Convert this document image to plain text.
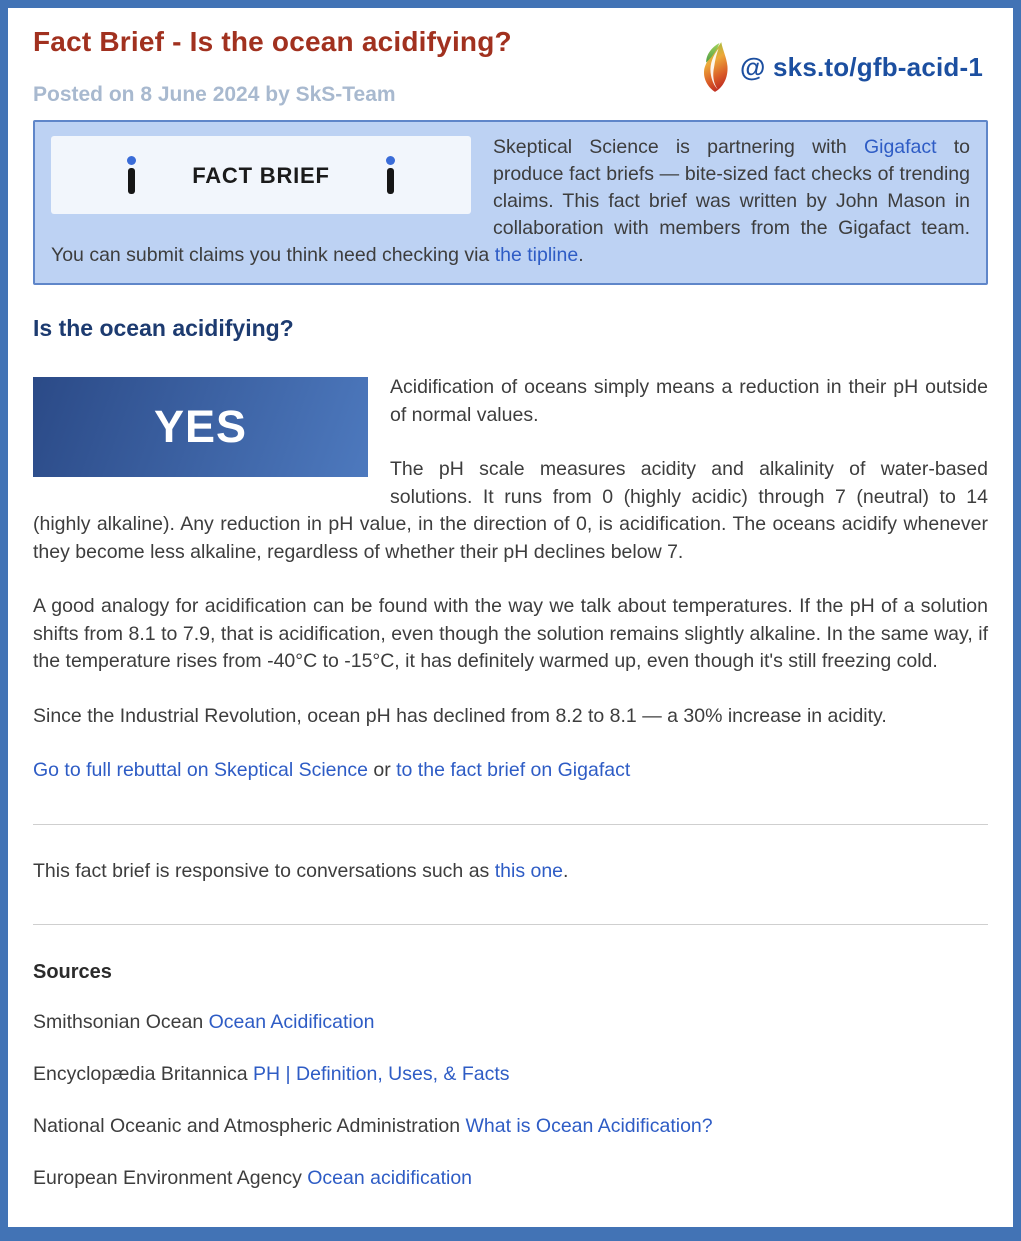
Fact Brief - Is the ocean acidifying?
@ sks.to/gfb-acid-1
Posted on 8 June 2024 by SkS-Team
FACT BRIEF
Skeptical Science is partnering with Gigafact to produce fact briefs — bite-sized fact checks of trending claims. This fact brief was written by John Mason in collaboration with members from the Gigafact team. You can submit claims you think need checking via the tipline.
Is the ocean acidifying?
YES

Acidification of oceans simply means a reduction in their pH outside of normal values.

The pH scale measures acidity and alkalinity of water-based solutions. It runs from 0 (highly acidic) through 7 (neutral) to 14 (highly alkaline). Any reduction in pH value, in the direction of 0, is acidification. The oceans acidify whenever they become less alkaline, regardless of whether their pH declines below 7.

A good analogy for acidification can be found with the way we talk about temperatures. If the pH of a solution shifts from 8.1 to 7.9, that is acidification, even though the solution remains slightly alkaline. In the same way, if the temperature rises from -40°C to -15°C, it has definitely warmed up, even though it's still freezing cold.

Since the Industrial Revolution, ocean pH has declined from 8.2 to 8.1 — a 30% increase in acidity.

Go to full rebuttal on Skeptical Science or to the fact brief on Gigafact

This fact brief is responsive to conversations such as this one.

Sources

Smithsonian Ocean Ocean Acidification

Encyclopædia Britannica PH | Definition, Uses, & Facts

National Oceanic and Atmospheric Administration What is Ocean Acidification?

European Environment Agency Ocean acidification
